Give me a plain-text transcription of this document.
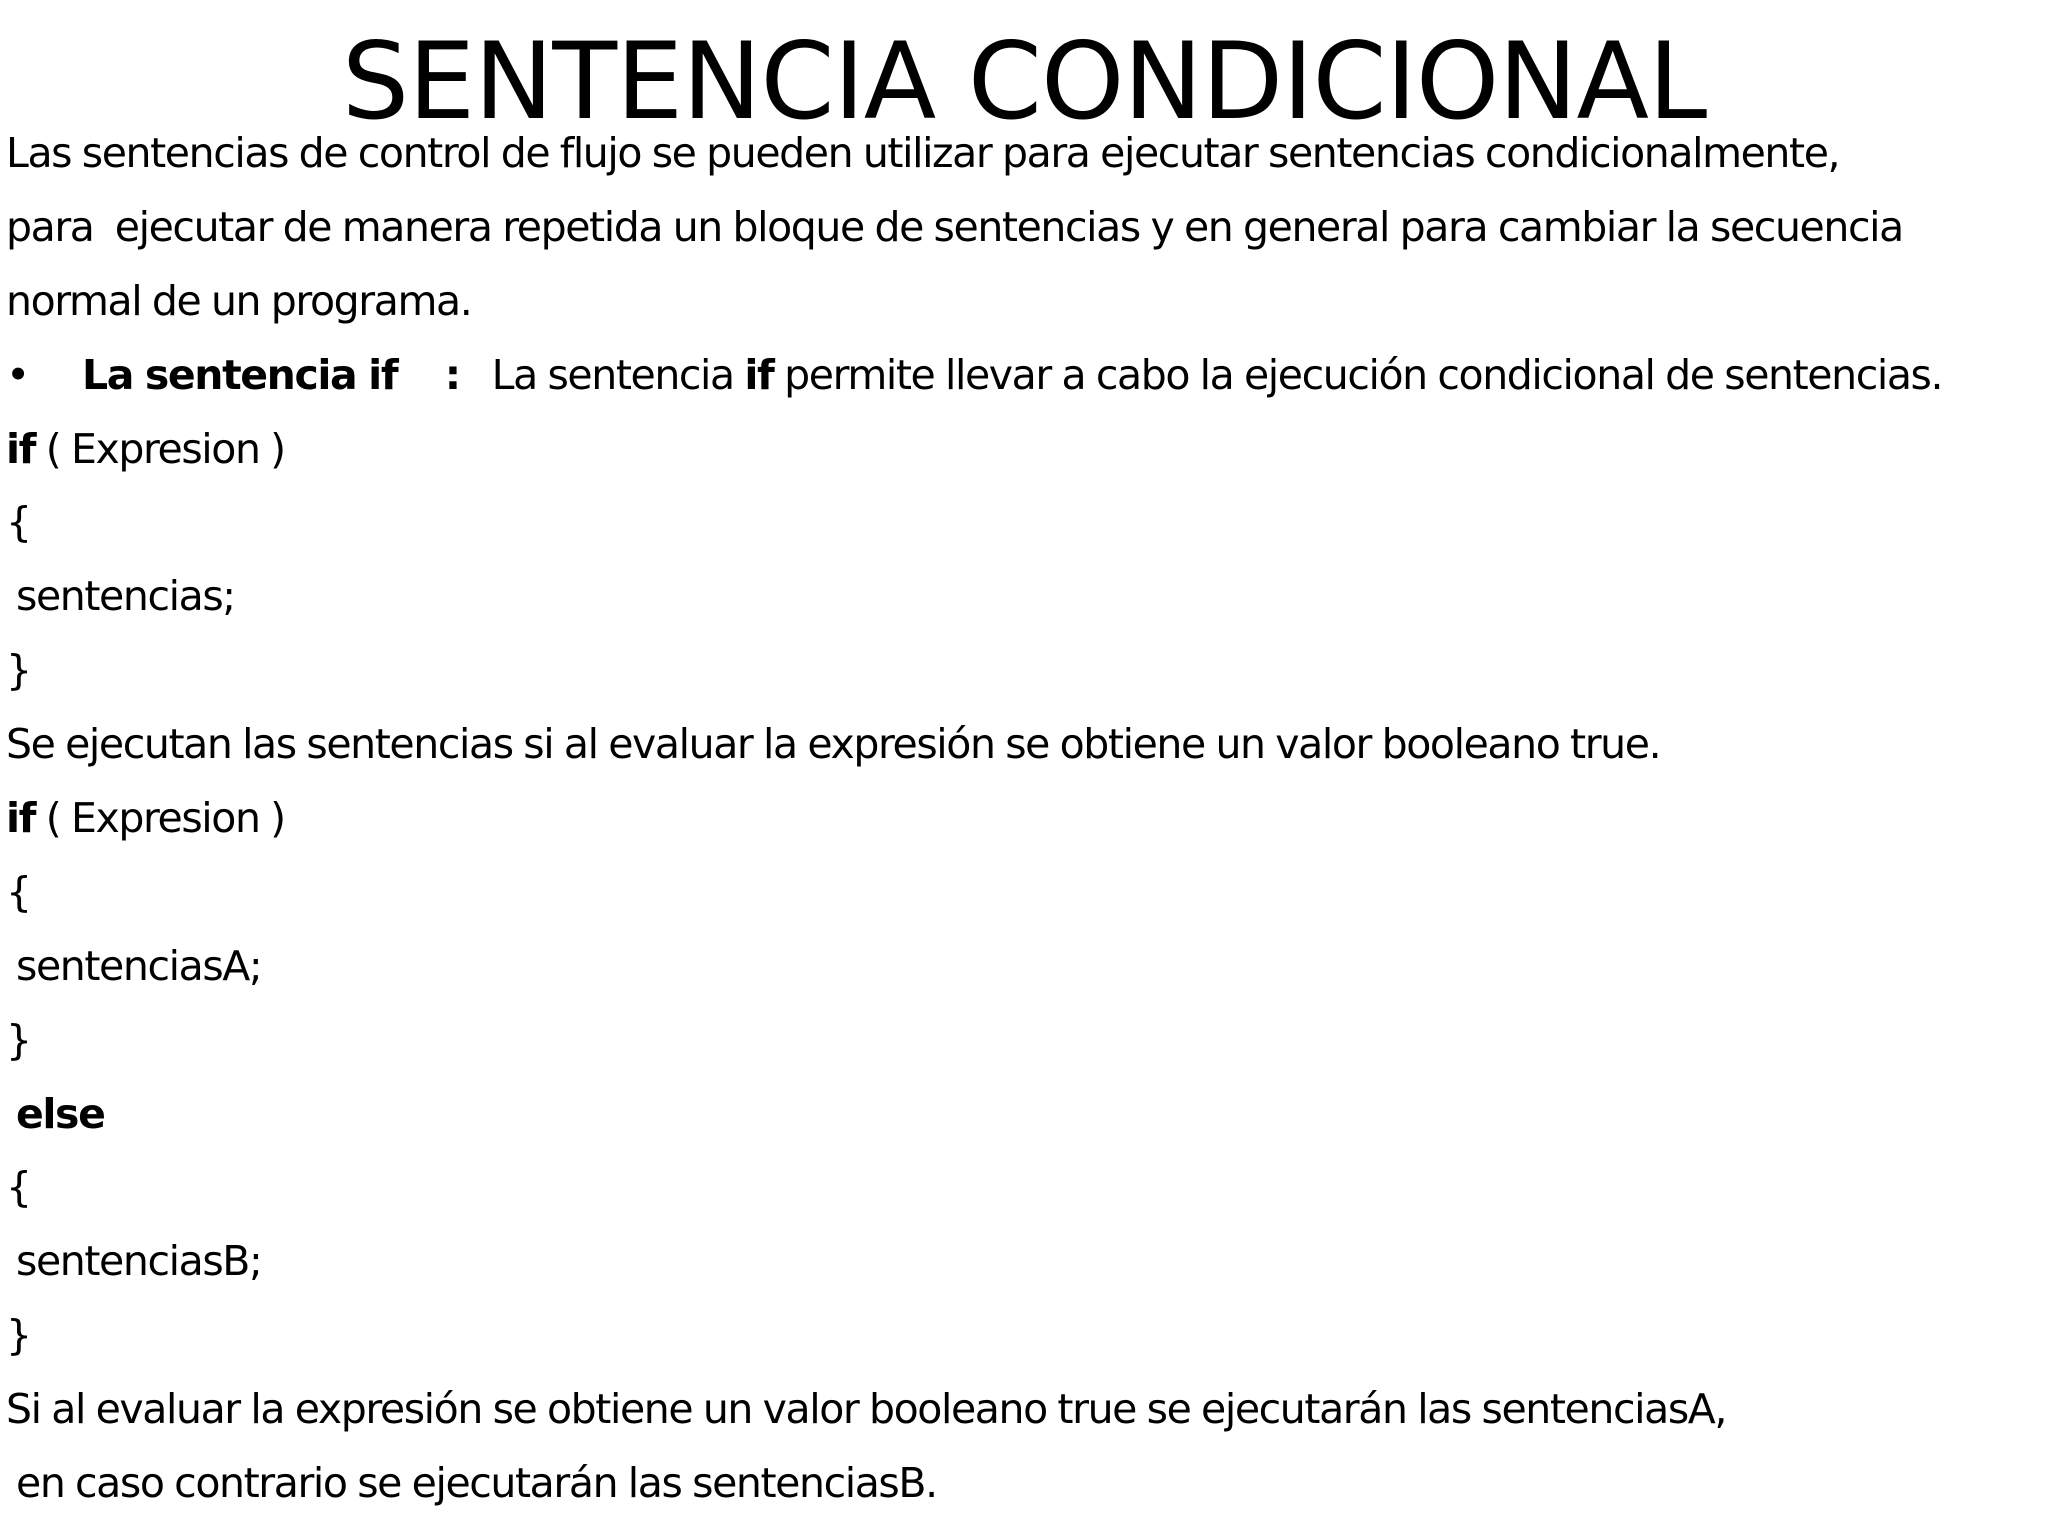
SENTENCIA CONDICIONAL
Las sentencias de control de flujo se pueden utilizar para ejecutar sentencias condicionalmente,
para  ejecutar de manera repetida un bloque de sentencias y en general para cambiar la secuencia
normal de un programa.
• La sentencia if    :   La sentencia if permite llevar a cabo la ejecución condicional de sentencias.
if ( Expresion )
{
sentencias;
}
Se ejecutan las sentencias si al evaluar la expresión se obtiene un valor booleano true.
if ( Expresion )
{
sentenciasA;
}
else
{
sentenciasB;
}
Si al evaluar la expresión se obtiene un valor booleano true se ejecutarán las sentenciasA,
en caso contrario se ejecutarán las sentenciasB.
